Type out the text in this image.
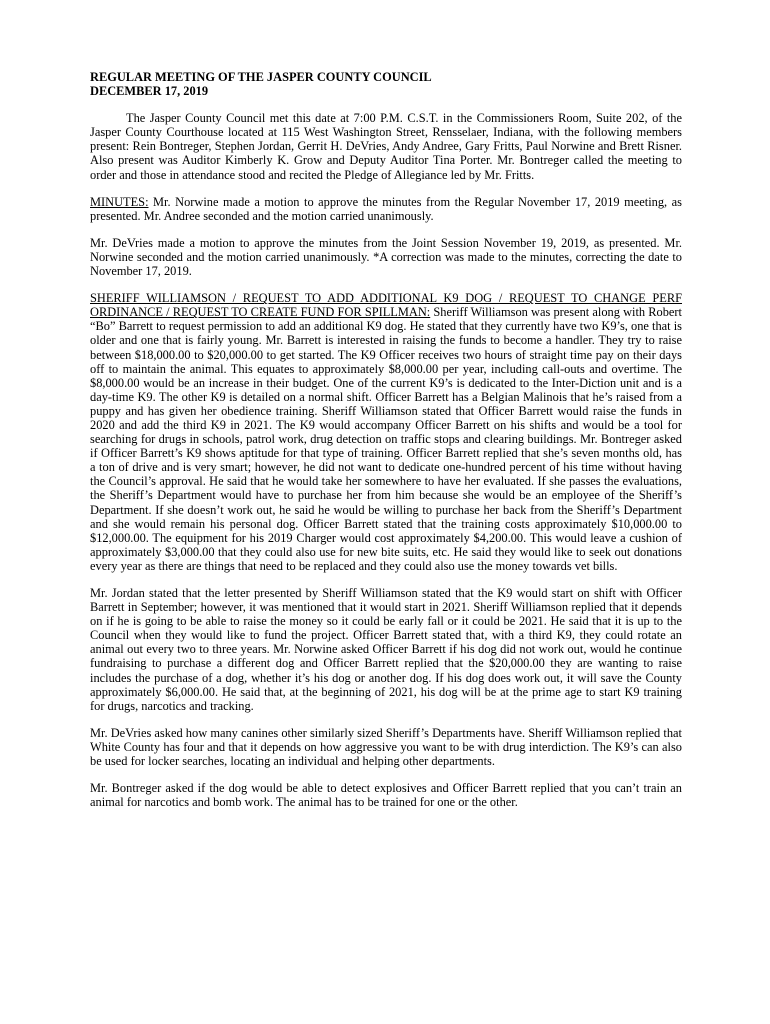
REGULAR MEETING OF THE JASPER COUNTY COUNCIL
DECEMBER 17, 2019

The Jasper County Council met this date at 7:00 P.M. C.S.T. in the Commissioners Room, Suite 202, of the Jasper County Courthouse located at 115 West Washington Street, Rensselaer, Indiana, with the following members present: Rein Bontreger, Stephen Jordan, Gerrit H. DeVries, Andy Andree, Gary Fritts, Paul Norwine and Brett Risner. Also present was Auditor Kimberly K. Grow and Deputy Auditor Tina Porter. Mr. Bontreger called the meeting to order and those in attendance stood and recited the Pledge of Allegiance led by Mr. Fritts.

MINUTES: Mr. Norwine made a motion to approve the minutes from the Regular November 17, 2019 meeting, as presented. Mr. Andree seconded and the motion carried unanimously.

Mr. DeVries made a motion to approve the minutes from the Joint Session November 19, 2019, as presented. Mr. Norwine seconded and the motion carried unanimously. *A correction was made to the minutes, correcting the date to November 17, 2019.

SHERIFF WILLIAMSON / REQUEST TO ADD ADDITIONAL K9 DOG / REQUEST TO CHANGE PERF ORDINANCE / REQUEST TO CREATE FUND FOR SPILLMAN: Sheriff Williamson was present along with Robert “Bo” Barrett to request permission to add an additional K9 dog. He stated that they currently have two K9’s, one that is older and one that is fairly young. Mr. Barrett is interested in raising the funds to become a handler. They try to raise between $18,000.00 to $20,000.00 to get started. The K9 Officer receives two hours of straight time pay on their days off to maintain the animal. This equates to approximately $8,000.00 per year, including call-outs and overtime. The $8,000.00 would be an increase in their budget. One of the current K9’s is dedicated to the Inter-Diction unit and is a day-time K9. The other K9 is detailed on a normal shift. Officer Barrett has a Belgian Malinois that he’s raised from a puppy and has given her obedience training. Sheriff Williamson stated that Officer Barrett would raise the funds in 2020 and add the third K9 in 2021. The K9 would accompany Officer Barrett on his shifts and would be a tool for searching for drugs in schools, patrol work, drug detection on traffic stops and clearing buildings. Mr. Bontreger asked if Officer Barrett’s K9 shows aptitude for that type of training. Officer Barrett replied that she’s seven months old, has a ton of drive and is very smart; however, he did not want to dedicate one-hundred percent of his time without having the Council’s approval. He said that he would take her somewhere to have her evaluated. If she passes the evaluations, the Sheriff’s Department would have to purchase her from him because she would be an employee of the Sheriff’s Department. If she doesn’t work out, he said he would be willing to purchase her back from the Sheriff’s Department and she would remain his personal dog. Officer Barrett stated that the training costs approximately $10,000.00 to $12,000.00. The equipment for his 2019 Charger would cost approximately $4,200.00. This would leave a cushion of approximately $3,000.00 that they could also use for new bite suits, etc. He said they would like to seek out donations every year as there are things that need to be replaced and they could also use the money towards vet bills.

Mr. Jordan stated that the letter presented by Sheriff Williamson stated that the K9 would start on shift with Officer Barrett in September; however, it was mentioned that it would start in 2021. Sheriff Williamson replied that it depends on if he is going to be able to raise the money so it could be early fall or it could be 2021. He said that it is up to the Council when they would like to fund the project. Officer Barrett stated that, with a third K9, they could rotate an animal out every two to three years. Mr. Norwine asked Officer Barrett if his dog did not work out, would he continue fundraising to purchase a different dog and Officer Barrett replied that the $20,000.00 they are wanting to raise includes the purchase of a dog, whether it’s his dog or another dog. If his dog does work out, it will save the County approximately $6,000.00. He said that, at the beginning of 2021, his dog will be at the prime age to start K9 training for drugs, narcotics and tracking.

Mr. DeVries asked how many canines other similarly sized Sheriff’s Departments have. Sheriff Williamson replied that White County has four and that it depends on how aggressive you want to be with drug interdiction. The K9’s can also be used for locker searches, locating an individual and helping other departments.

Mr. Bontreger asked if the dog would be able to detect explosives and Officer Barrett replied that you can’t train an animal for narcotics and bomb work. The animal has to be trained for one or the other.
